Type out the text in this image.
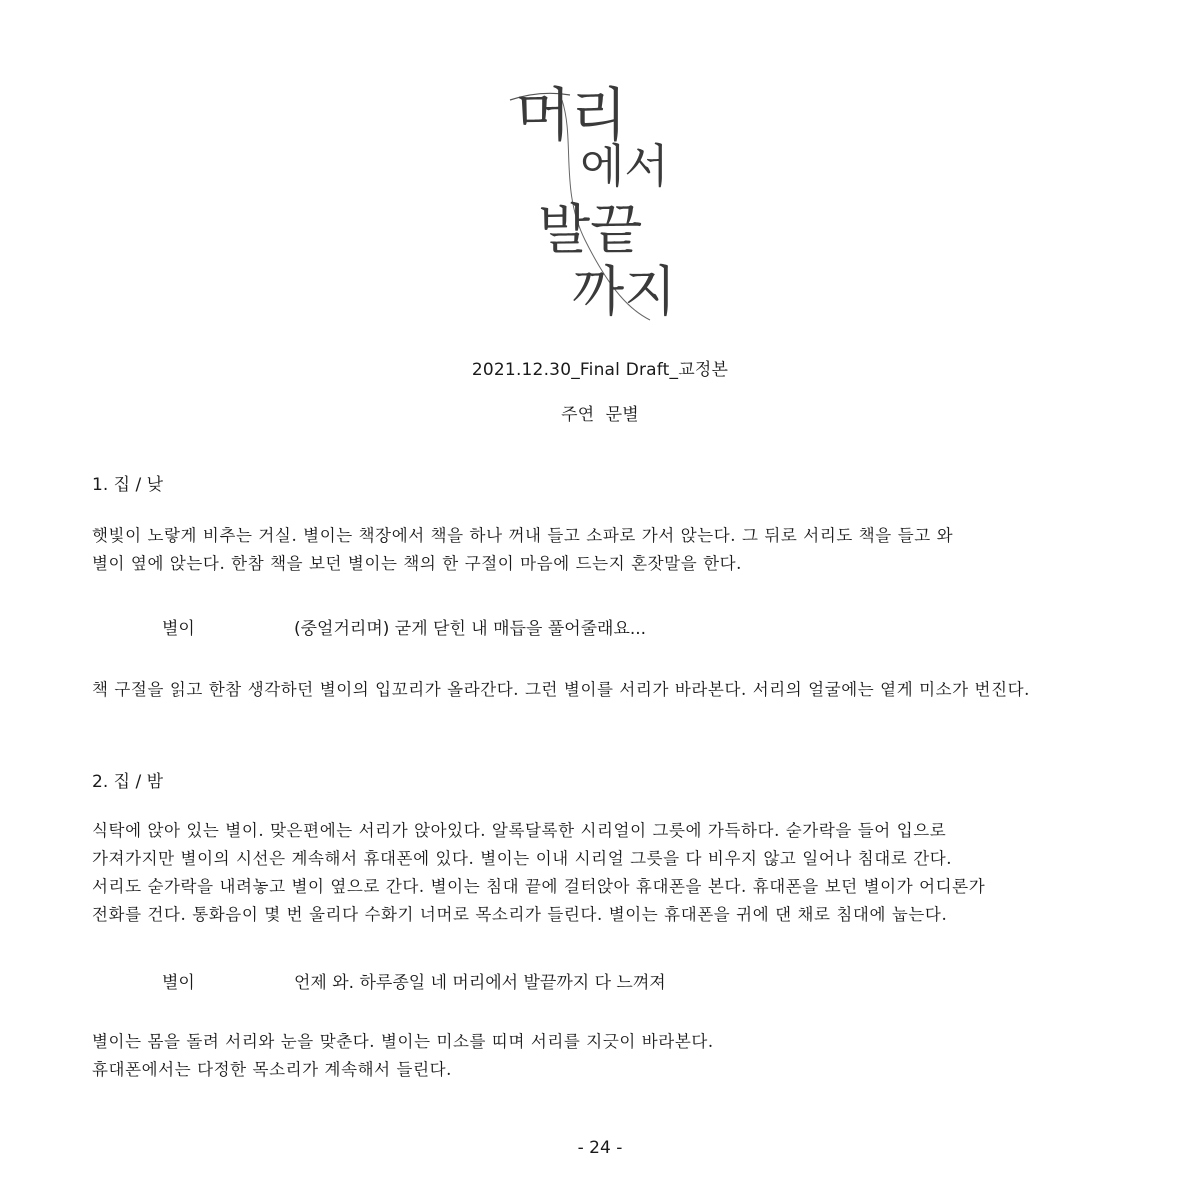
머리
에서
발끝
까지
2021.12.30_Final Draft_교정본
주연  문별
1. 집 / 낮

햇빛이 노랗게 비추는 거실. 별이는 책장에서 책을 하나 꺼내 들고 소파로 가서 앉는다. 그 뒤로 서리도 책을 들고 와
별이 옆에 앉는다. 한참 책을 보던 별이는 책의 한 구절이 마음에 드는지 혼잣말을 한다.

별이	(중얼거리며) 굳게 닫힌 내 매듭을 풀어줄래요...

책 구절을 읽고 한참 생각하던 별이의 입꼬리가 올라간다. 그런 별이를 서리가 바라본다. 서리의 얼굴에는 옅게 미소가 번진다.

2. 집 / 밤

식탁에 앉아 있는 별이. 맞은편에는 서리가 앉아있다. 알록달록한 시리얼이 그릇에 가득하다. 숟가락을 들어 입으로
가져가지만 별이의 시선은 계속해서 휴대폰에 있다. 별이는 이내 시리얼 그릇을 다 비우지 않고 일어나 침대로 간다.
서리도 숟가락을 내려놓고 별이 옆으로 간다. 별이는 침대 끝에 걸터앉아 휴대폰을 본다. 휴대폰을 보던 별이가 어디론가
전화를 건다. 통화음이 몇 번 울리다 수화기 너머로 목소리가 들린다. 별이는 휴대폰을 귀에 댄 채로 침대에 눕는다.

별이	언제 와. 하루종일 네 머리에서 발끝까지 다 느껴져

별이는 몸을 돌려 서리와 눈을 맞춘다. 별이는 미소를 띠며 서리를 지긋이 바라본다.
휴대폰에서는 다정한 목소리가 계속해서 들린다.

- 24 -
